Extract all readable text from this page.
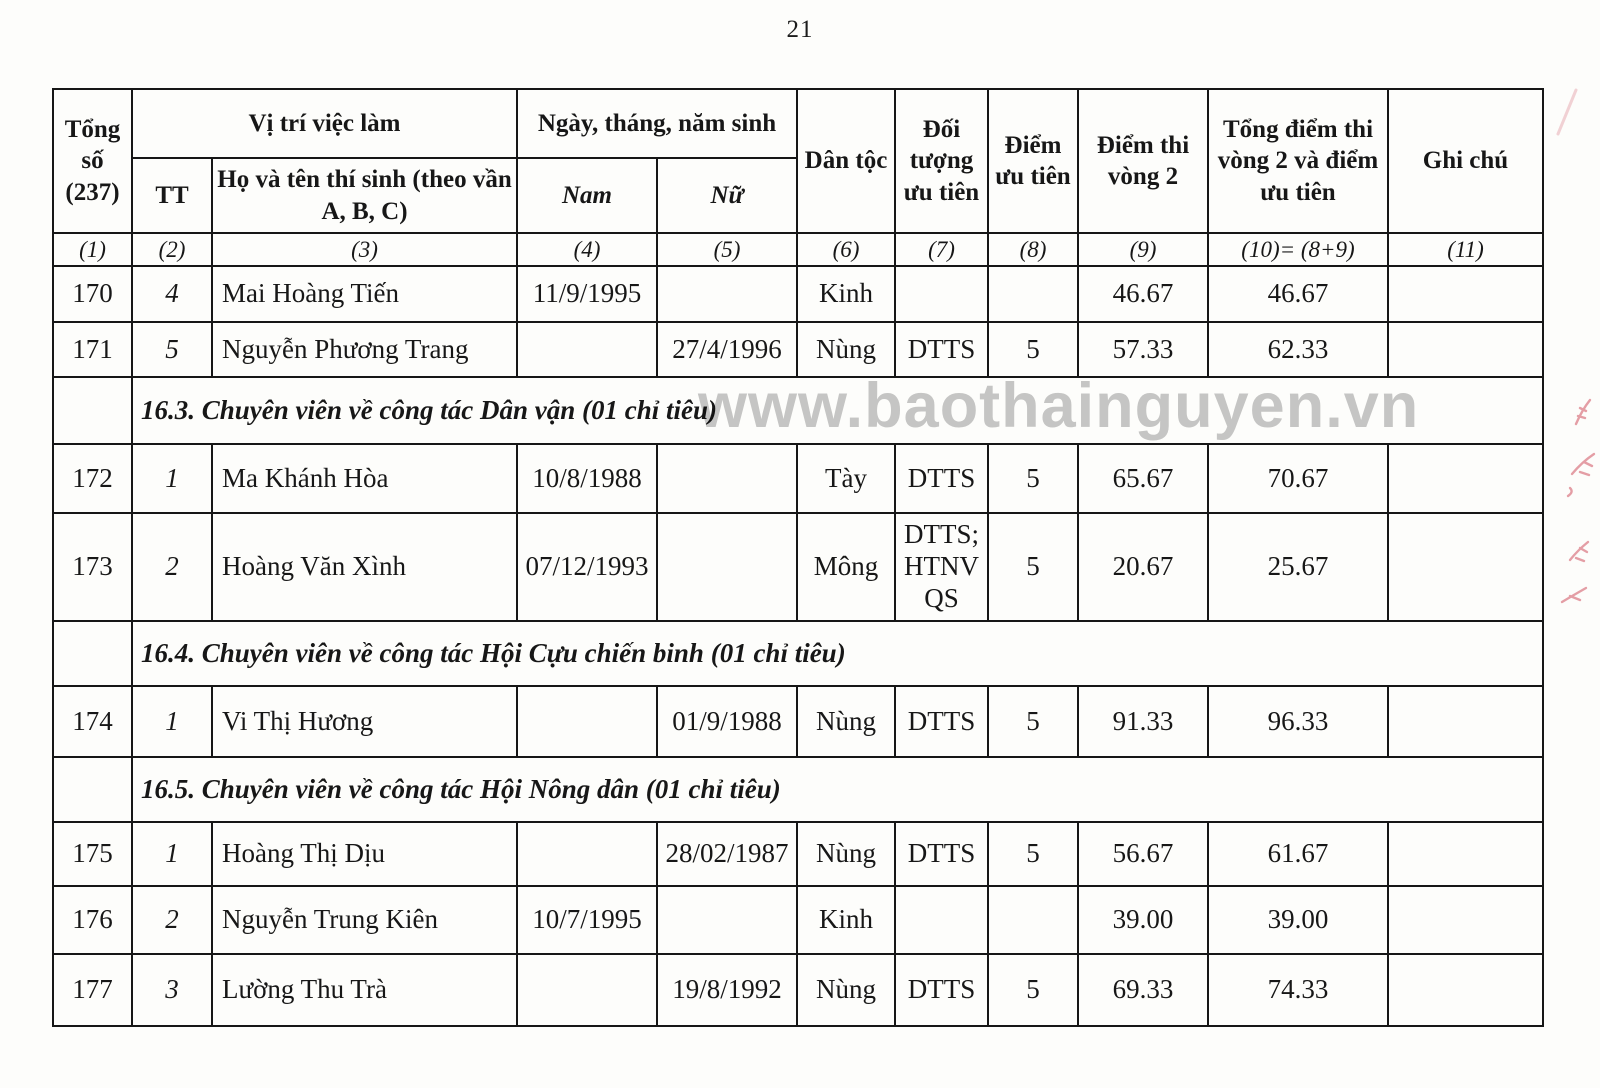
21
Tổng số (237)	Vị trí việc làm		Ngày, tháng, năm sinh		Dân tộc	Đối tượng ưu tiên	Điểm ưu tiên	Điểm thi vòng 2	Tổng điểm thi vòng 2 và điểm ưu tiên	Ghi chú
	TT	Họ và tên thí sinh (theo vần A, B, C)	Nam	Nữ						
(1)	(2)	(3)	(4)	(5)	(6)	(7)	(8)	(9)	(10)= (8+9)	(11)
170	4	Mai Hoàng Tiến	11/9/1995		Kinh			46.67	46.67	
171	5	Nguyễn Phương Trang		27/4/1996	Nùng	DTTS	5	57.33	62.33	
	16.3. Chuyên viên về công tác Dân vận (01 chỉ tiêu)									
172	1	Ma Khánh Hòa	10/8/1988		Tày	DTTS	5	65.67	70.67	
173	2	Hoàng Văn Xình	07/12/1993		Mông	DTTS; HTNV QS	5	20.67	25.67	
	16.4. Chuyên viên về công tác Hội Cựu chiến binh (01 chỉ tiêu)									
174	1	Vi Thị Hương		01/9/1988	Nùng	DTTS	5	91.33	96.33	
	16.5. Chuyên viên về công tác Hội Nông dân (01 chỉ tiêu)									
175	1	Hoàng Thị Dịu		28/02/1987	Nùng	DTTS	5	56.67	61.67	
176	2	Nguyễn Trung Kiên	10/7/1995		Kinh			39.00	39.00	
177	3	Lường Thu Trà		19/8/1992	Nùng	DTTS	5	69.33	74.33	
www.baothainguyen.vn
